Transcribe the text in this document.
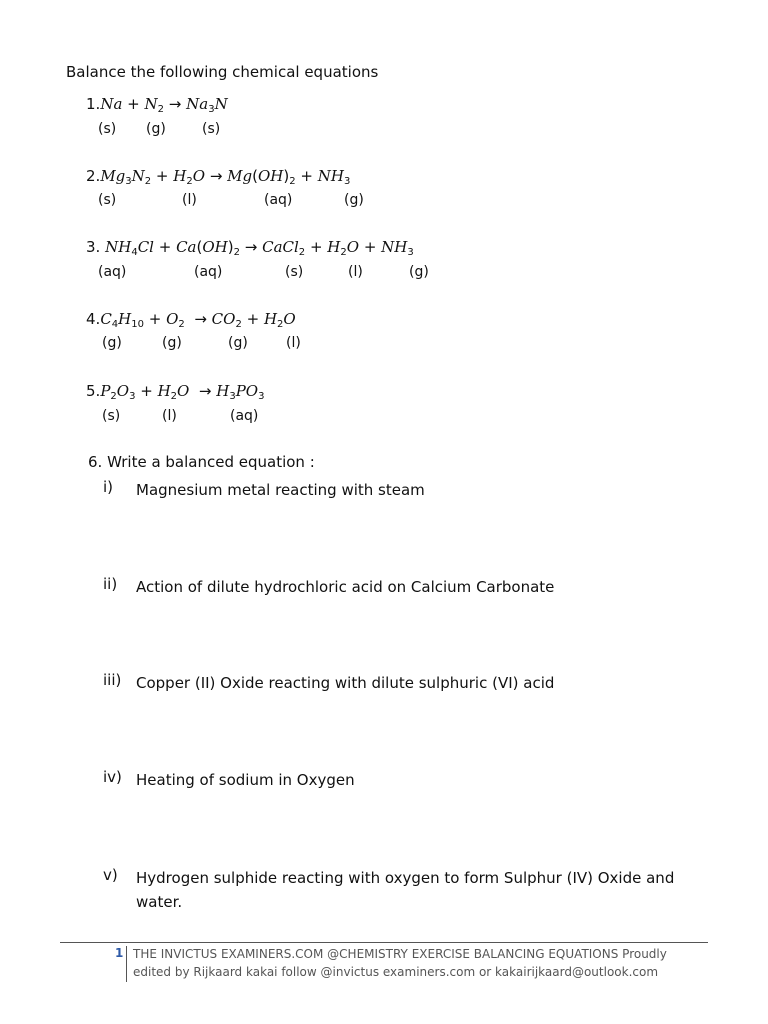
Balance the following chemical equations
$1.Na + N_2 \to Na_3N$
(s) (g)	(s)
$2.Mg_3N_2 + H_2O \to Mg(OH)_2 + NH_3$
(s)	(l)	(aq)	(g)
3. $NH_4Cl + Ca(OH)_2$ → CaCl$_2$ + $H_2O + NH_3$
(aq)	(aq)	(s)	(l)	(g)
$4.C_4H_{10} + O_2 \to CO_2 + H_2O$
(g)	(g)	(g)	(l)
$5.P_2O_3 + H_2O \to H_3PO_3$
(s)	(l)	(aq)
6. Write a balanced equation :
i)	Magnesium metal reacting with steam
ii)	Action of dilute hydrochloric acid on Calcium Carbonate
iii) Copper (II) Oxide reacting with dilute sulphuric (VI) acid
iv) Heating of sodium in Oxygen
v)	Hydrogen sulphide reacting with oxygen to form Sulphur (IV) Oxide and water.
1 THE INVICTUS EXAMINERS.COM @CHEMISTRY EXERCISE BALANCING EQUATIONS Proudly edited by Rijkaard kakai follow @invictus examiners.com or kakairijkaard@outlook.com
